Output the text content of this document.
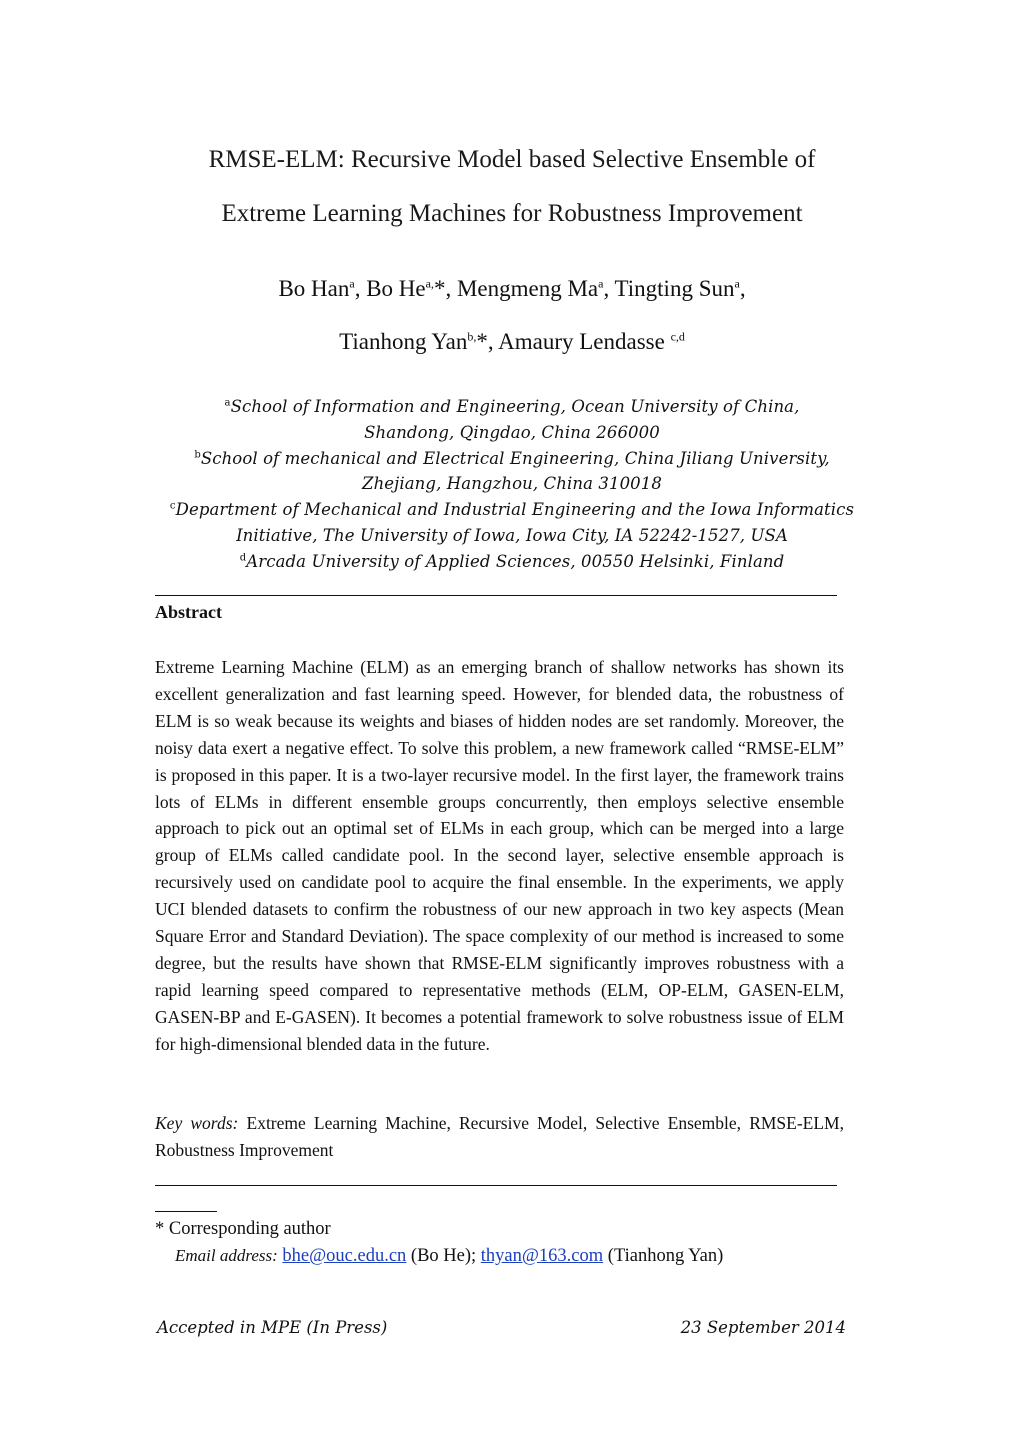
RMSE-ELM: Recursive Model based Selective Ensemble of
Extreme Learning Machines for Robustness Improvement
Bo Han$^a$, Bo $He^{a,}*$, Mengmeng Ma$^a$, Tingting Sun$^a$,
Tianhong Yan$^{b,}$*, Amaury Lendasse $^{c,d}$
$^a$School of Information and Engineering, Ocean University of China,
Shandong, Qingdao, China 266000
$^b$School of mechanical and Electrical Engineering, China Jiliang University,
Zhejiang, Hangzhou, China 310018
$^c$Department of Mechanical and Industrial Engineering and the Iowa Informatics
Initiative, The University of Iowa, Iowa City, IA 52242-1527, USA
$^d$Arcada University of Applied Sciences, 00550 Helsinki, Finland
Abstract
Extreme Learning Machine (ELM) as an emerging branch of shallow networks has shown its excellent generalization and fast learning speed. However, for blended data, the robustness of ELM is so weak because its weights and biases of hidden nodes are set randomly. Moreover, the noisy data exert a negative effect. To solve this problem, a new framework called “RMSE-ELM” is proposed in this paper. It is a two-layer recursive model. In the first layer, the framework trains lots of ELMs in different ensemble groups concurrently, then employs selective ensemble approach to pick out an optimal set of ELMs in each group, which can be merged into a large group of ELMs called candidate pool. In the second layer, selective ensemble approach is recursively used on candidate pool to acquire the final ensemble. In the experiments, we apply UCI blended datasets to confirm the robustness of our new approach in two key aspects (Mean Square Error and Standard Deviation). The space complexity of our method is increased to some degree, but the results have shown that RMSE-ELM significantly improves robustness with a rapid learning speed compared to representative methods (ELM, OP-ELM, GASEN-ELM, GASEN-BP and E-GASEN). It becomes a potential framework to solve robustness issue of ELM for high-dimensional blended data in the future.
Key words: Extreme Learning Machine, Recursive Model, Selective Ensemble, RMSE-ELM, Robustness Improvement
* Corresponding author
Email address: bhe@ouc.edu.cn (Bo He); thyan@163.com (Tianhong Yan)
Accepted in MPE (In Press)	23 September 2014
